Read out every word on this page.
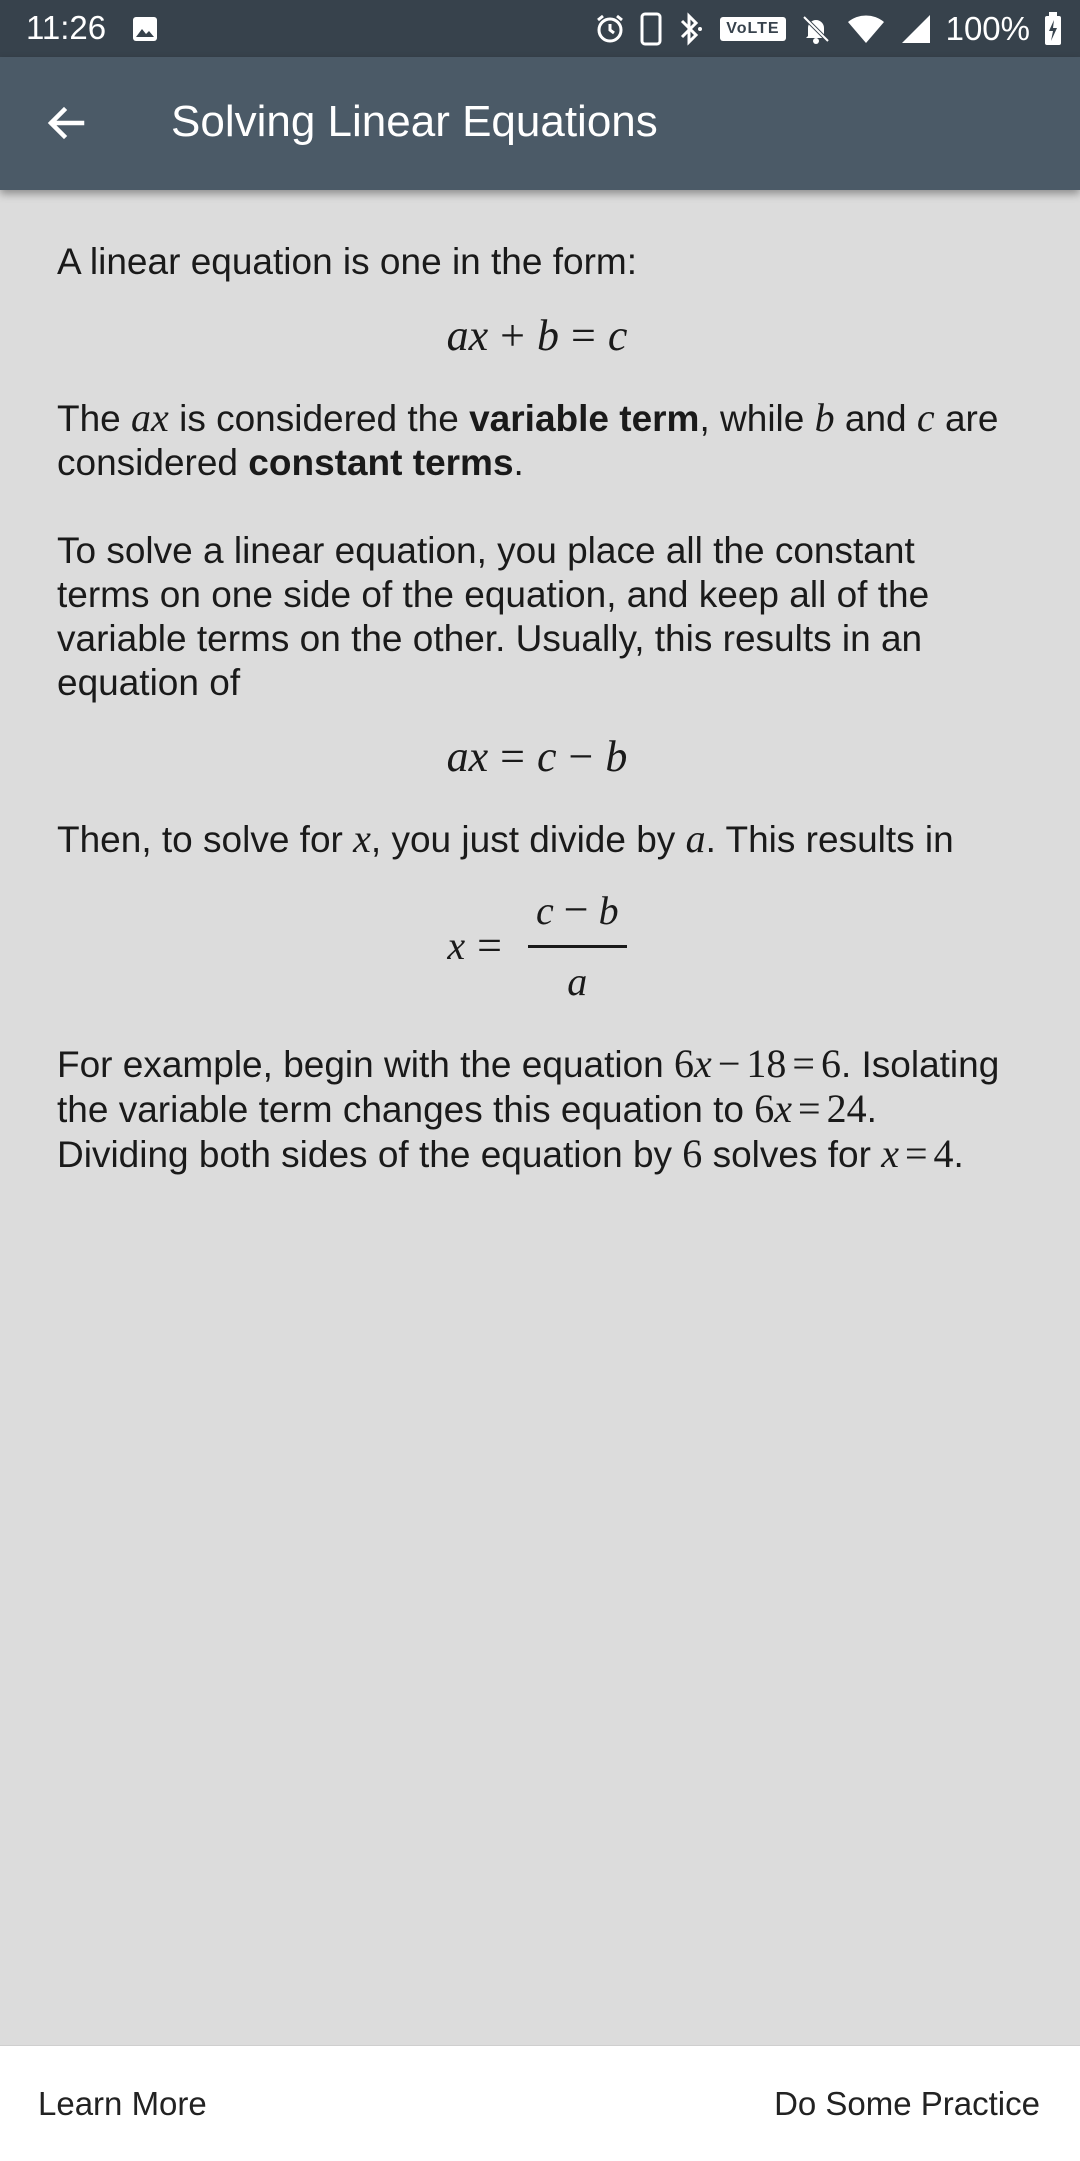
11:26	VoLTE	100%
Solving Linear Equations

A linear equation is one in the form:

ax + b = c

The ax is considered the variable term, while b and c are considered constant terms.

To solve a linear equation, you place all the constant terms on one side of the equation, and keep all of the variable terms on the other. Usually, this results in an equation of

ax = c − b

Then, to solve for x, you just divide by a. This results in

$x = \frac{c - b}{a}$

For example, begin with the equation 6x − 18 = 6. Isolating the variable term changes this equation to 6x = 24. Dividing both sides of the equation by 6 solves for x = 4.

Learn More	Do Some Practice
